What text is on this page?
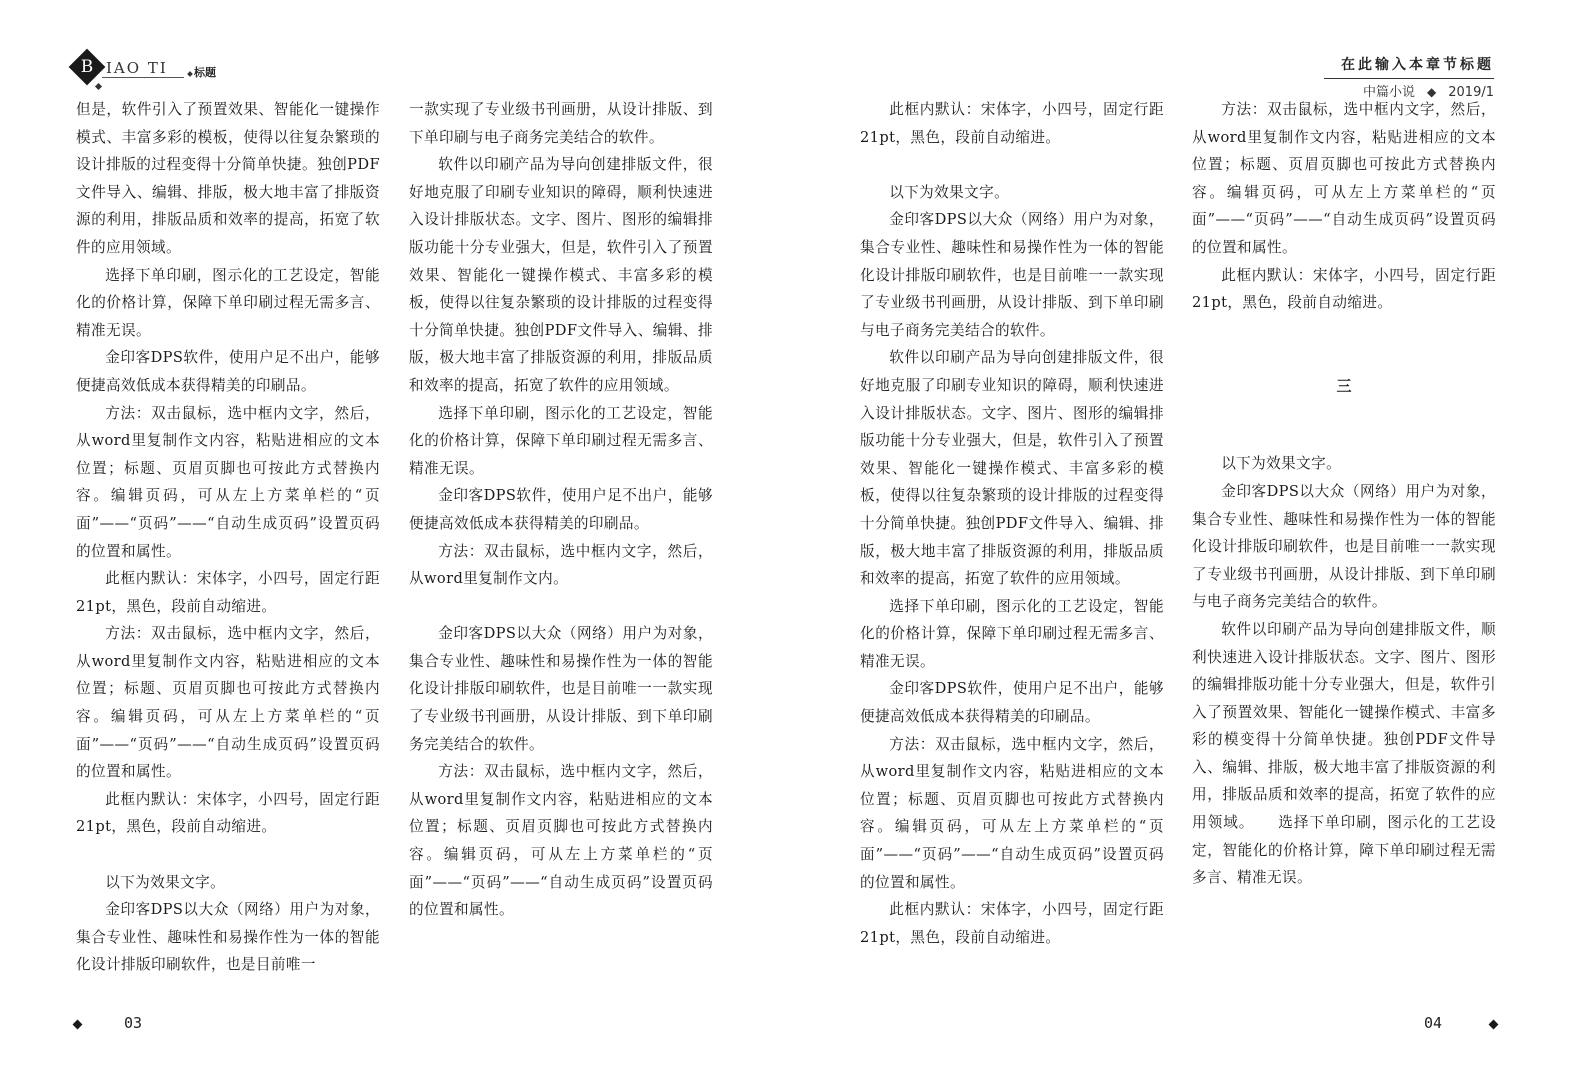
B IAO TI 标题

但是，软件引入了预置效果、智能化一键操作模式、丰富多彩的模板，使得以往复杂繁琐的设计排版的过程变得十分简单快捷。独创PDF文件导入、编辑、排版，极大地丰富了排版资源的利用，排版品质和效率的提高，拓宽了软件的应用领域。

选择下单印刷，图示化的工艺设定，智能化的价格计算，保障下单印刷过程无需多言、精准无误。

金印客DPS软件，使用户足不出户，能够便捷高效低成本获得精美的印刷品。

方法：双击鼠标，选中框内文字，然后，从word里复制作文内容，粘贴进相应的文本位置；标题、页眉页脚也可按此方式替换内容。编辑页码，可从左上方菜单栏的“页面”——“页码”——“自动生成页码”设置页码的位置和属性。

此框内默认：宋体字，小四号，固定行距21pt，黑色，段前自动缩进。

方法：双击鼠标，选中框内文字，然后，从word里复制作文内容，粘贴进相应的文本位置；标题、页眉页脚也可按此方式替换内容。编辑页码，可从左上方菜单栏的“页面”——“页码”——“自动生成页码”设置页码的位置和属性。

此框内默认：宋体字，小四号，固定行距21pt，黑色，段前自动缩进。

以下为效果文字。

金印客DPS以大众（网络）用户为对象，集合专业性、趣味性和易操作性为一体的智能化设计排版印刷软件，也是目前唯一

一款实现了专业级书刊画册，从设计排版、到下单印刷与电子商务完美结合的软件。

软件以印刷产品为导向创建排版文件，很好地克服了印刷专业知识的障碍，顺利快速进入设计排版状态。文字、图片、图形的编辑排版功能十分专业强大，但是，软件引入了预置效果、智能化一键操作模式、丰富多彩的模板，使得以往复杂繁琐的设计排版的过程变得十分简单快捷。独创PDF文件导入、编辑、排版，极大地丰富了排版资源的利用，排版品质和效率的提高，拓宽了软件的应用领域。

选择下单印刷，图示化的工艺设定，智能化的价格计算，保障下单印刷过程无需多言、精准无误。

金印客DPS软件，使用户足不出户，能够便捷高效低成本获得精美的印刷品。

方法：双击鼠标，选中框内文字，然后，从word里复制作文内。

金印客DPS以大众（网络）用户为对象，集合专业性、趣味性和易操作性为一体的智能化设计排版印刷软件，也是目前唯一一款实现了专业级书刊画册，从设计排版、到下单印刷务完美结合的软件。

方法：双击鼠标，选中框内文字，然后，从word里复制作文内容，粘贴进相应的文本位置；标题、页眉页脚也可按此方式替换内容。编辑页码，可从左上方菜单栏的“页面”——“页码”——“自动生成页码”设置页码的位置和属性。

03
在此输入本章节标题
中篇小说 ◆ 2019/1

此框内默认：宋体字，小四号，固定行距21pt，黑色，段前自动缩进。

以下为效果文字。

金印客DPS以大众（网络）用户为对象，集合专业性、趣味性和易操作性为一体的智能化设计排版印刷软件，也是目前唯一一款实现了专业级书刊画册，从设计排版、到下单印刷与电子商务完美结合的软件。

软件以印刷产品为导向创建排版文件，很好地克服了印刷专业知识的障碍，顺利快速进入设计排版状态。文字、图片、图形的编辑排版功能十分专业强大，但是，软件引入了预置效果、智能化一键操作模式、丰富多彩的模板，使得以往复杂繁琐的设计排版的过程变得十分简单快捷。独创PDF文件导入、编辑、排版，极大地丰富了排版资源的利用，排版品质和效率的提高，拓宽了软件的应用领域。

选择下单印刷，图示化的工艺设定，智能化的价格计算，保障下单印刷过程无需多言、精准无误。

金印客DPS软件，使用户足不出户，能够便捷高效低成本获得精美的印刷品。

方法：双击鼠标，选中框内文字，然后，从word里复制作文内容，粘贴进相应的文本位置；标题、页眉页脚也可按此方式替换内容。编辑页码，可从左上方菜单栏的“页面”——“页码”——“自动生成页码”设置页码的位置和属性。

此框内默认：宋体字，小四号，固定行距21pt，黑色，段前自动缩进。

方法：双击鼠标，选中框内文字，然后，从word里复制作文内容，粘贴进相应的文本位置；标题、页眉页脚也可按此方式替换内容。编辑页码，可从左上方菜单栏的“页面”——“页码”——“自动生成页码”设置页码的位置和属性。

此框内默认：宋体字，小四号，固定行距21pt，黑色，段前自动缩进。

三

以下为效果文字。

金印客DPS以大众（网络）用户为对象，集合专业性、趣味性和易操作性为一体的智能化设计排版印刷软件，也是目前唯一一款实现了专业级书刊画册，从设计排版、到下单印刷与电子商务完美结合的软件。

软件以印刷产品为导向创建排版文件，顺利快速进入设计排版状态。文字、图片、图形的编辑排版功能十分专业强大，但是，软件引入了预置效果、智能化一键操作模式、丰富多彩的模变得十分简单快捷。独创PDF文件导入、编辑、排版，极大地丰富了排版资源的利用，排版品质和效率的提高，拓宽了软件的应用领域。　　选择下单印刷，图示化的工艺设定，智能化的价格计算，障下单印刷过程无需多言、精准无误。

04
